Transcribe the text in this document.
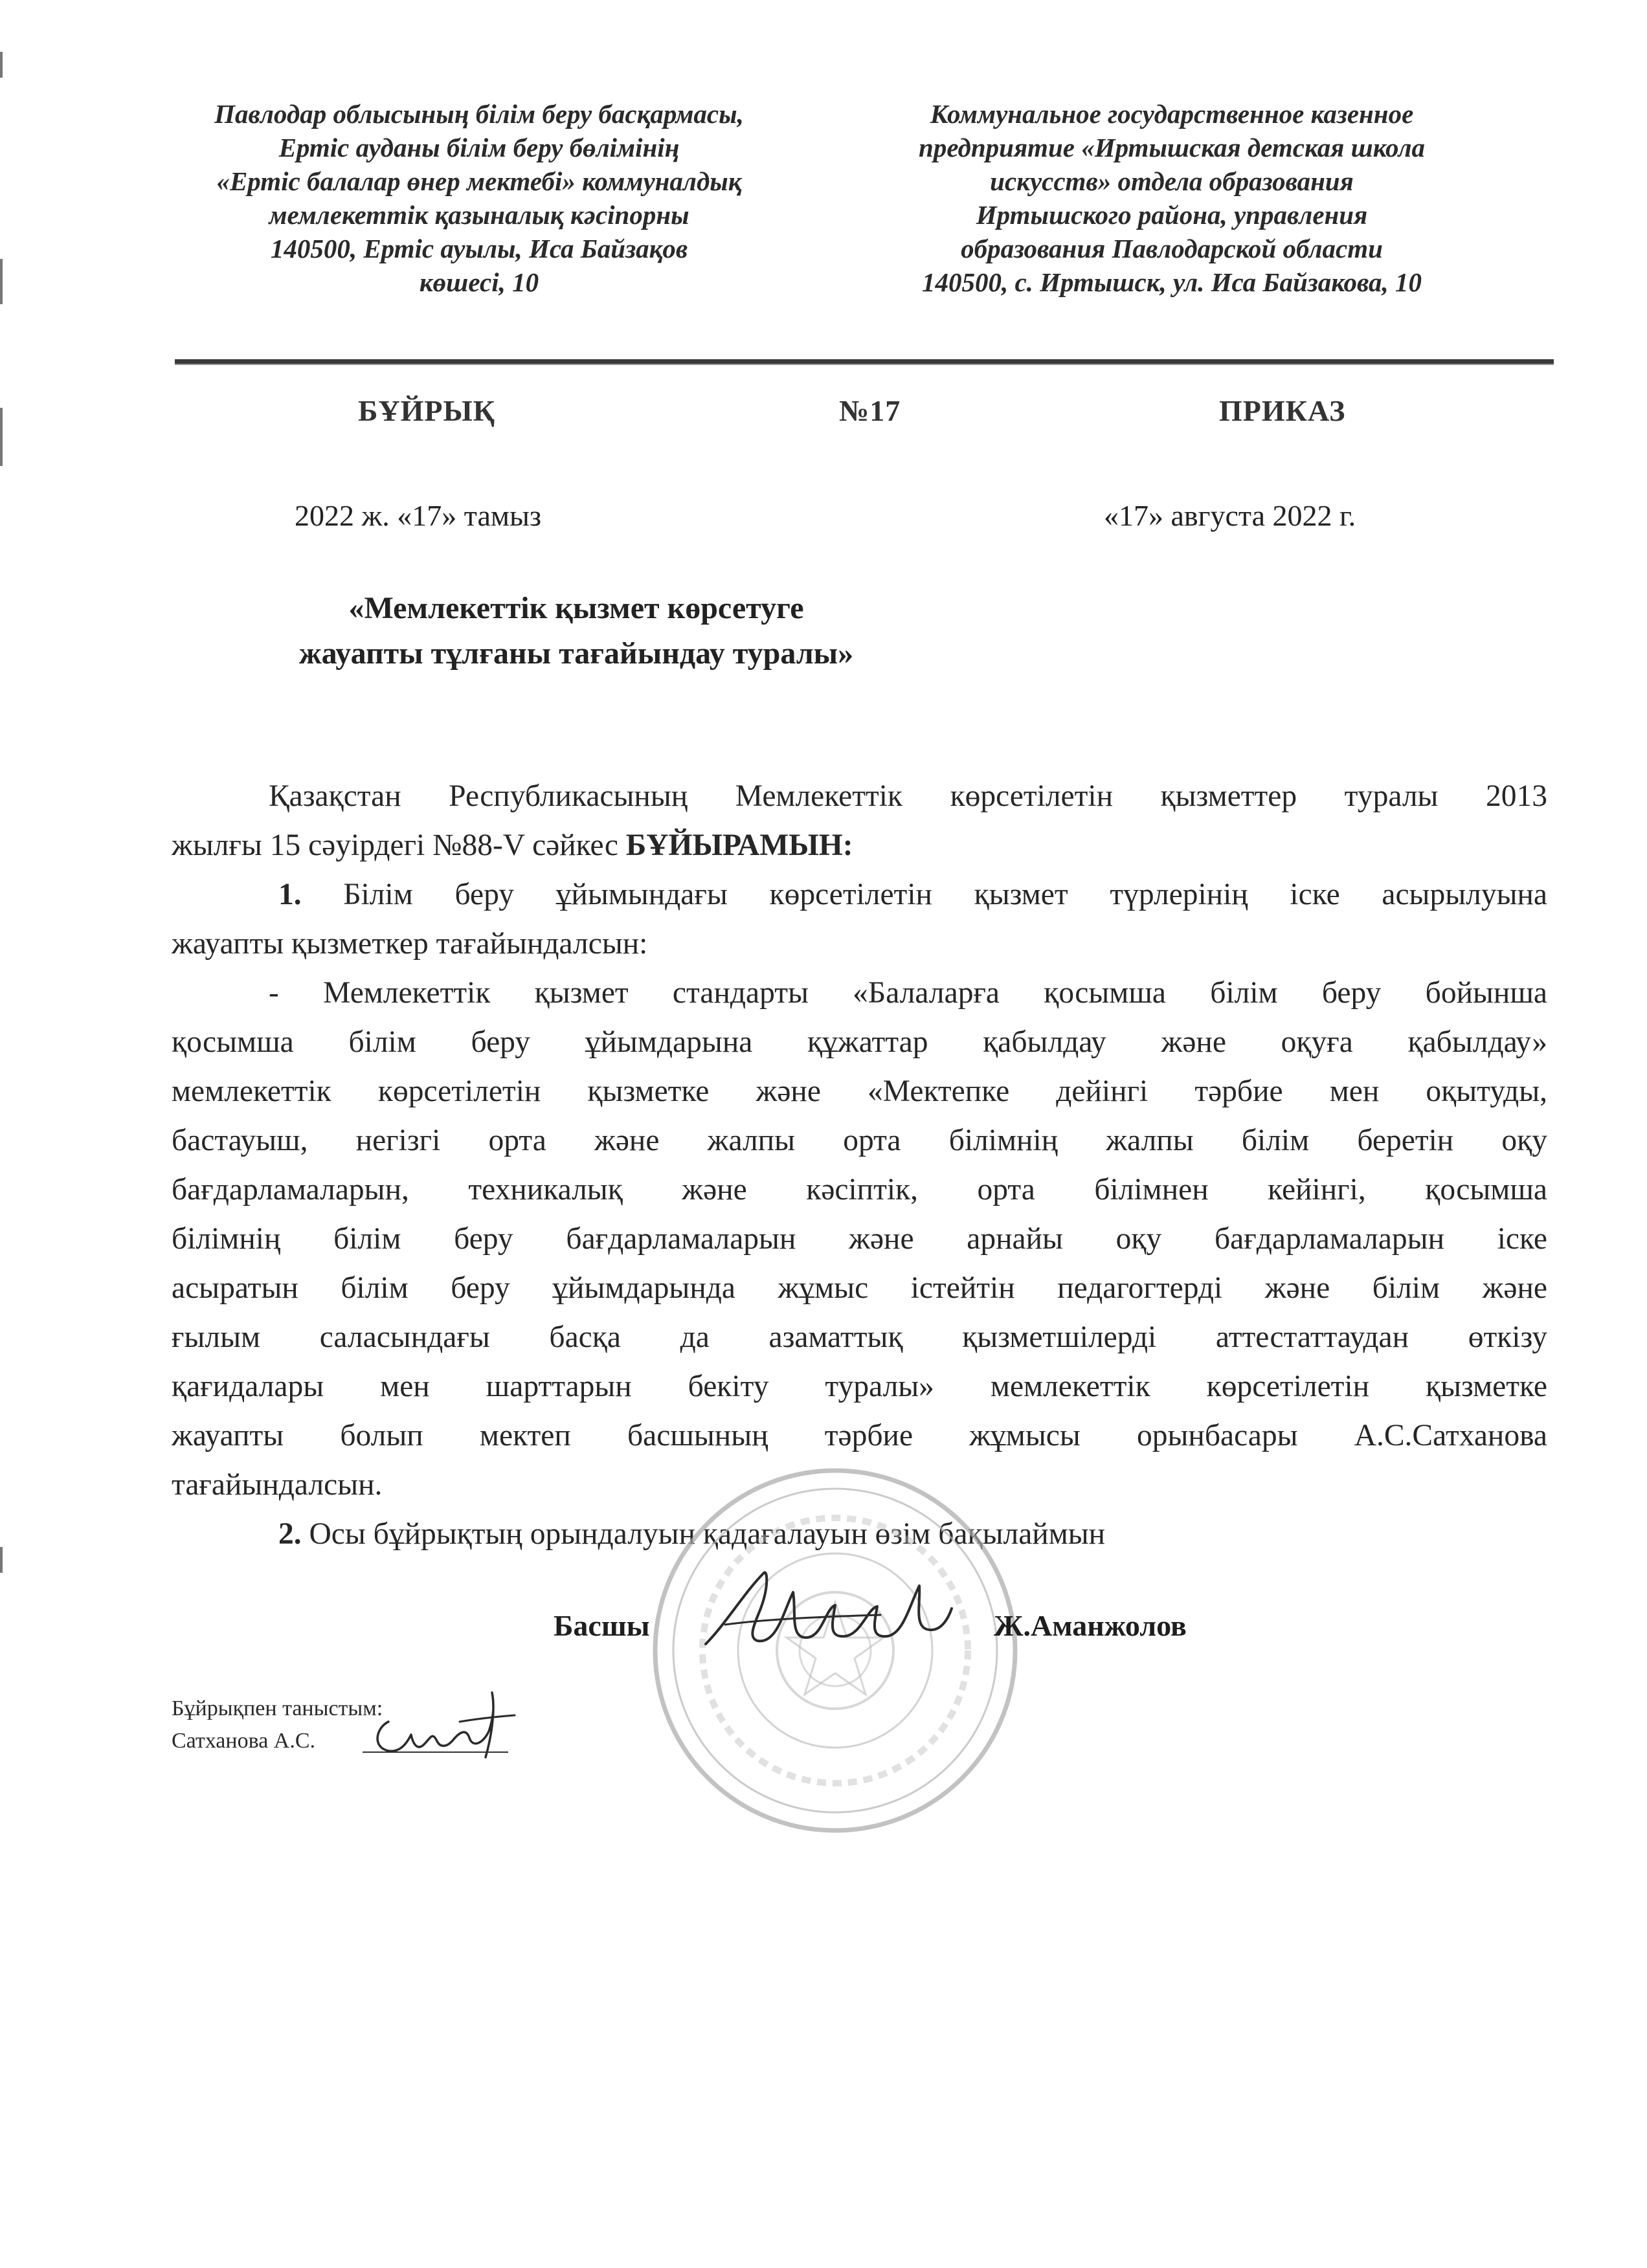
Павлодар облысының білім беру басқармасы,
Ертіс ауданы білім беру бөлімінің
«Ертіс балалар өнер мектебі» коммуналдық
мемлекеттік қазыналық кәсіпорны
140500, Ертіс ауылы, Иса Байзақов
көшесі, 10
Коммунальное государственное казенное
предприятие «Иртышская детская школа
искусств» отдела образования
Иртышского района, управления
образования Павлодарской области
140500, с. Иртышск, ул. Иса Байзакова, 10
БҰЙРЫҚ	№17	ПРИКАЗ
2022 ж. «17» тамыз	«17» августа 2022 г.
«Мемлекеттік қызмет көрсетуге
жауапты тұлғаны тағайындау туралы»
Қазақстан Республикасының Мемлекеттік көрсетілетін қызметтер туралы 2013
жылғы 15 сәуірдегі №88-V сәйкес БҰЙЫРАМЫН:
1. Білім беру ұйымындағы көрсетілетін қызмет түрлерінің іске асырылуына
жауапты қызметкер тағайындалсын:
- Мемлекеттік қызмет стандарты «Балаларға қосымша білім беру бойынша
қосымша білім беру ұйымдарына құжаттар қабылдау және оқуға қабылдау»
мемлекеттік көрсетілетін қызметке және «Мектепке дейінгі тәрбие мен оқытуды,
бастауыш, негізгі орта және жалпы орта білімнің жалпы білім беретін оқу
бағдарламаларын, техникалық және кәсіптік, орта білімнен кейінгі, қосымша
білімнің білім беру бағдарламаларын және арнайы оқу бағдарламаларын іске
асыратын білім беру ұйымдарында жұмыс істейтін педагогтерді және білім және
ғылым саласындағы басқа да азаматтық қызметшілерді аттестаттаудан өткізу
қағидалары мен шарттарын бекіту туралы» мемлекеттік көрсетілетін қызметке
жауапты болып мектеп басшының тәрбие жұмысы орынбасары А.С.Сатханова
тағайындалсын.
2. Осы бұйрықтың орындалуын қадағалауын өзім бақылаймын
Басшы	Ж.Аманжолов
Бұйрықпен таныстым:
Сатханова А.С.
